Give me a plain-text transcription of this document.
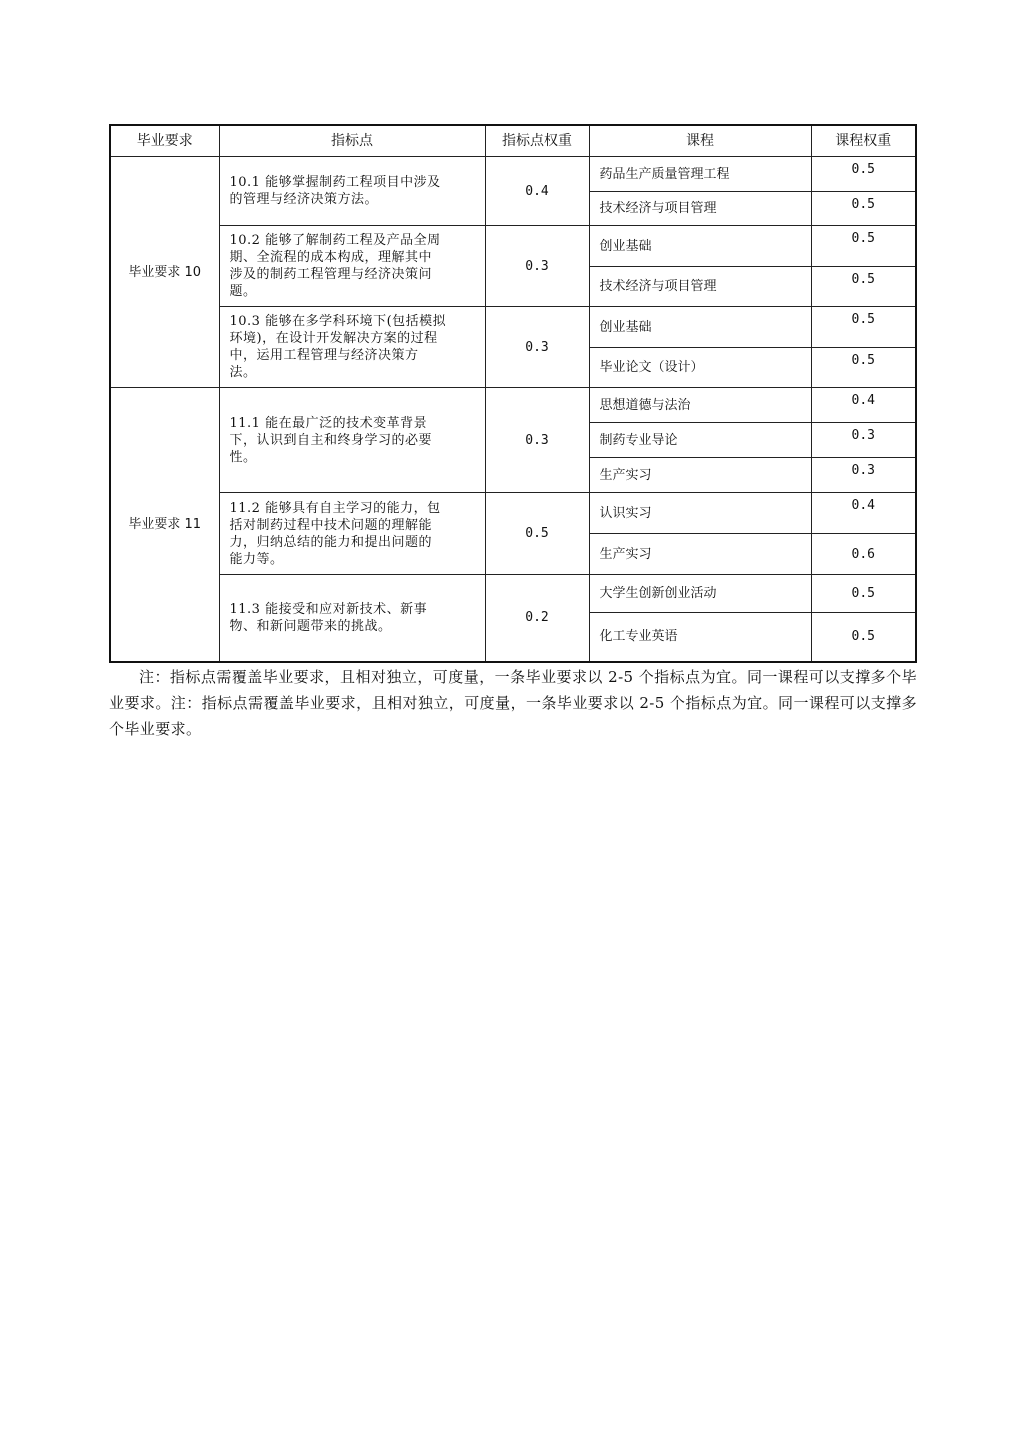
毕业要求	指标点	指标点权重	课程	课程权重
毕业要求 10	10.1 能够掌握制药工程项目中涉及
的管理与经济决策方法。	0.4	药品生产质量管理工程	0.5
			技术经济与项目管理	0.5

	10.2 能够了解制药工程及产品全周
期、全流程的成本构成，理解其中
涉及的制药工程管理与经济决策问
题。	0.3	创业基础	0.5
			技术经济与项目管理	0.5

	10.3 能够在多学科环境下(包括模拟
环境)，在设计开发解决方案的过程
中，运用工程管理与经济决策方
法。	0.3	创业基础	0.5
			毕业论文（设计）	0.5
毕业要求 11	11.1 能在最广泛的技术变革背景
下，认识到自主和终身学习的必要
性。	0.3	思想道德与法治	0.4
			制药专业导论	0.3
			生产实习	0.3

	11.2 能够具有自主学习的能力，包
括对制药过程中技术问题的理解能
力，归纳总结的能力和提出问题的
能力等。	0.5	认识实习	0.4
			生产实习	0.6

	11.3 能接受和应对新技术、新事
物、和新问题带来的挑战。	0.2	大学生创新创业活动	0.5
			化工专业英语	0.5

注：指标点需覆盖毕业要求，且相对独立，可度量，一条毕业要求以 2-5 个指标点为宜。同一课程可以支撑多个毕业要求。注：指标点需覆盖毕业要求，且相对独立，可度量，一条毕业要求以 2-5 个指标点为宜。同一课程可以支撑多个毕业要求。
